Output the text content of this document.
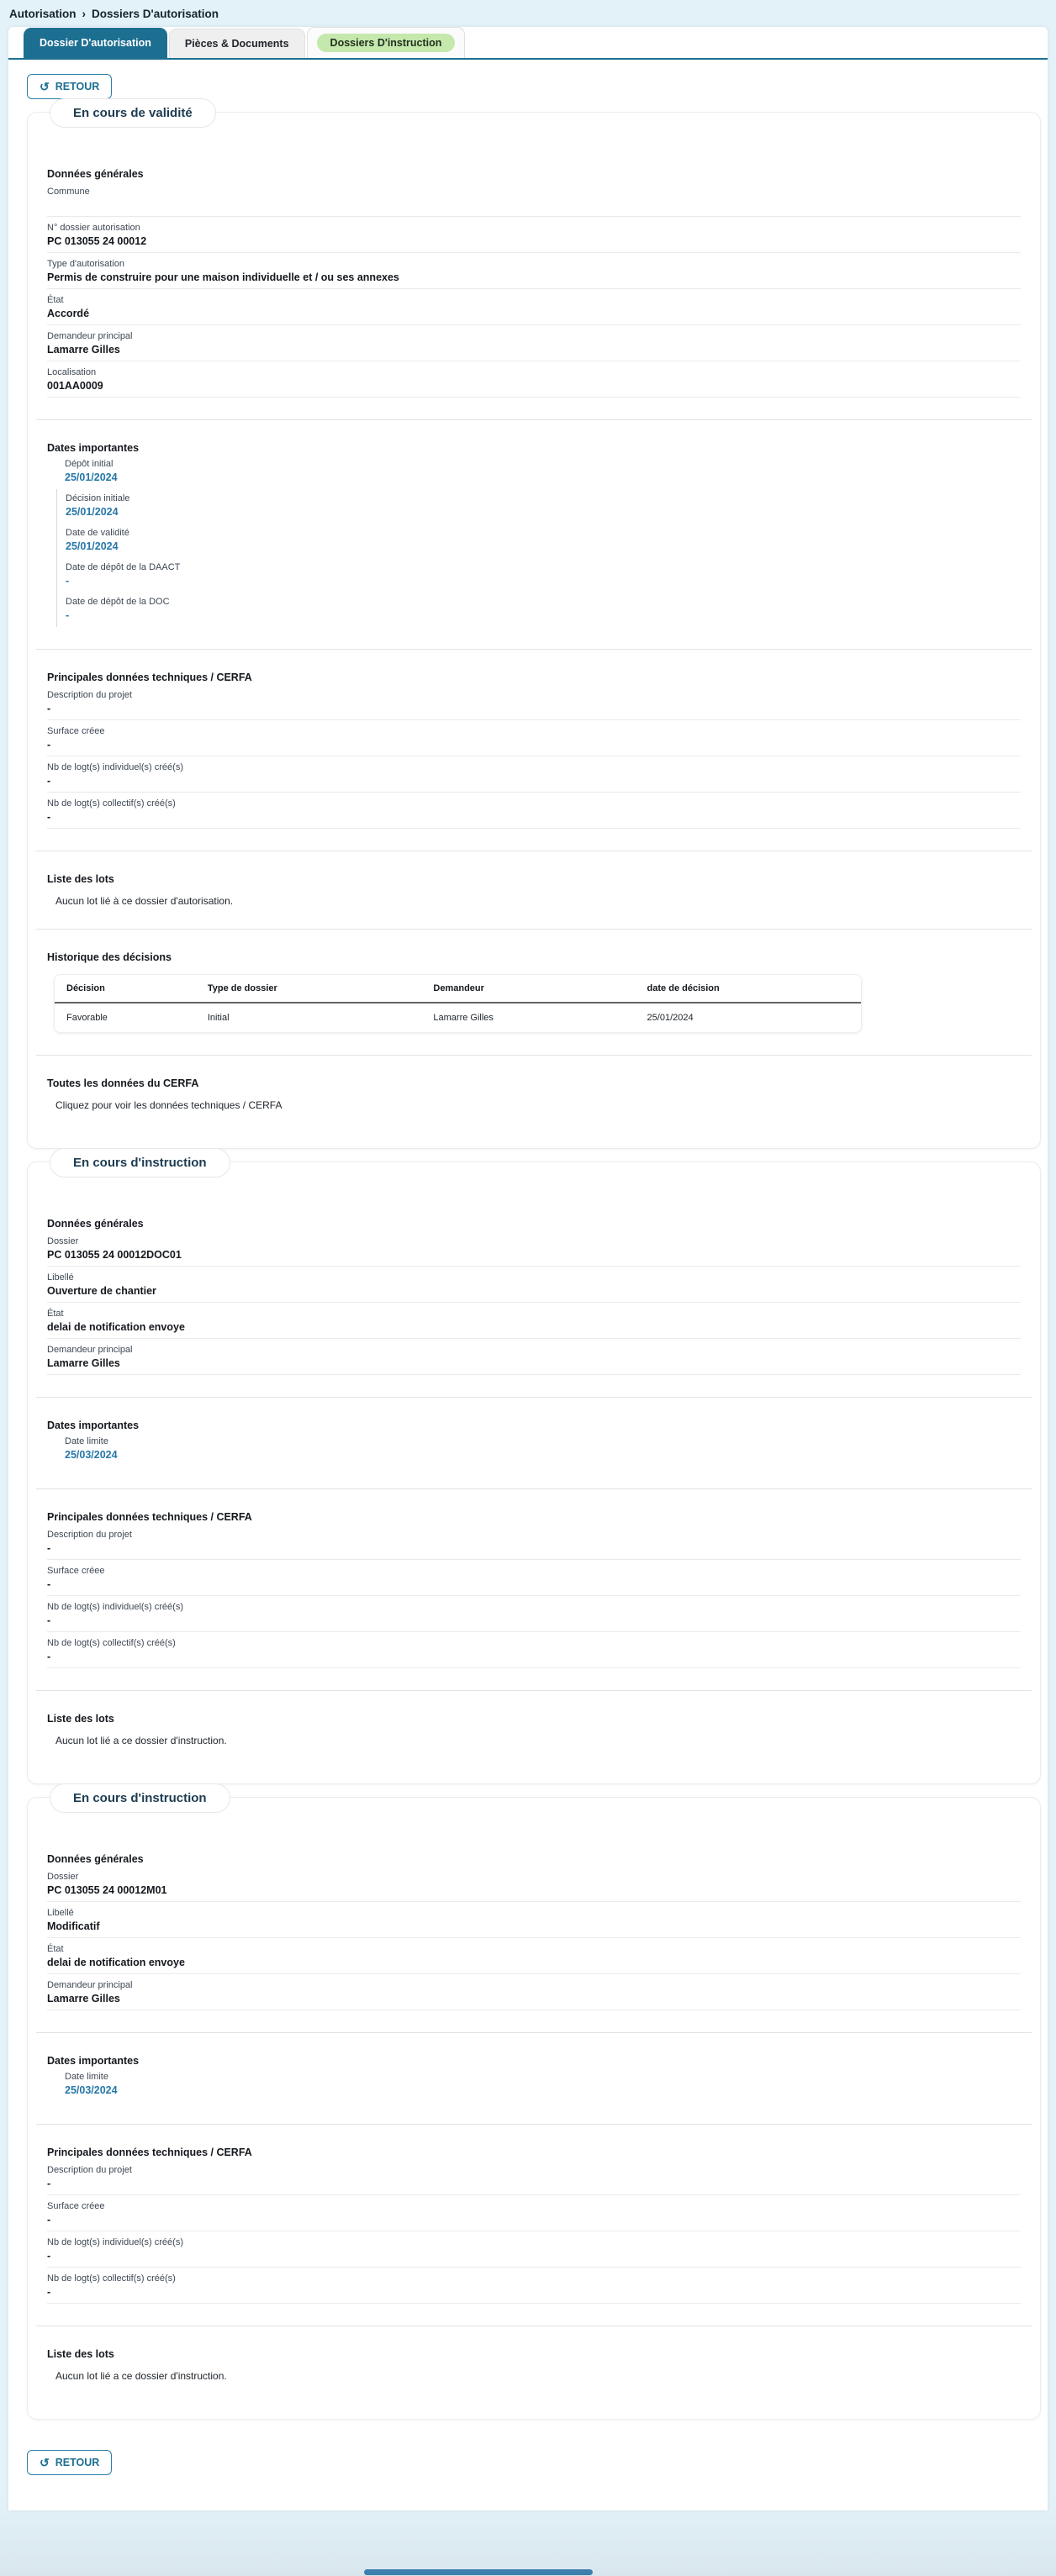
Autorisation › Dossiers D'autorisation
Dossier D'autorisation	Pièces & Documents	Dossiers D'instruction
↺ RETOUR
En cours de validité
Données générales
Commune
N° dossier autorisation
PC 013055 24 00012
Type d'autorisation
Permis de construire pour une maison individuelle et / ou ses annexes
État
Accordé
Demandeur principal
Lamarre Gilles
Localisation
001AA0009
Dates importantes
Dépôt initial
25/01/2024
Décision initiale
25/01/2024
Date de validité
25/01/2024
Date de dépôt de la DAACT
-
Date de dépôt de la DOC
-
Principales données techniques / CERFA
Description du projet
-
Surface créee
-
Nb de logt(s) individuel(s) créé(s)
-
Nb de logt(s) collectif(s) créé(s)
-
Liste des lots
Aucun lot lié à ce dossier d'autorisation.
Historique des décisions
Décision	Type de dossier	Demandeur	date de décision
Favorable	Initial	Lamarre Gilles	25/01/2024
Toutes les données du CERFA
Cliquez pour voir les données techniques / CERFA
En cours d'instruction
Données générales
Dossier
PC 013055 24 00012DOC01
Libellé
Ouverture de chantier
État
delai de notification envoye
Demandeur principal
Lamarre Gilles
Dates importantes
Date limite
25/03/2024
Principales données techniques / CERFA
Description du projet
-
Surface créee
-
Nb de logt(s) individuel(s) créé(s)
-
Nb de logt(s) collectif(s) créé(s)
-
Liste des lots
Aucun lot lié a ce dossier d'instruction.
En cours d'instruction
Données générales
Dossier
PC 013055 24 00012M01
Libellé
Modificatif
État
delai de notification envoye
Demandeur principal
Lamarre Gilles
Dates importantes
Date limite
25/03/2024
Principales données techniques / CERFA
Description du projet
-
Surface créee
-
Nb de logt(s) individuel(s) créé(s)
-
Nb de logt(s) collectif(s) créé(s)
-
Liste des lots
Aucun lot lié a ce dossier d'instruction.
↺ RETOUR
